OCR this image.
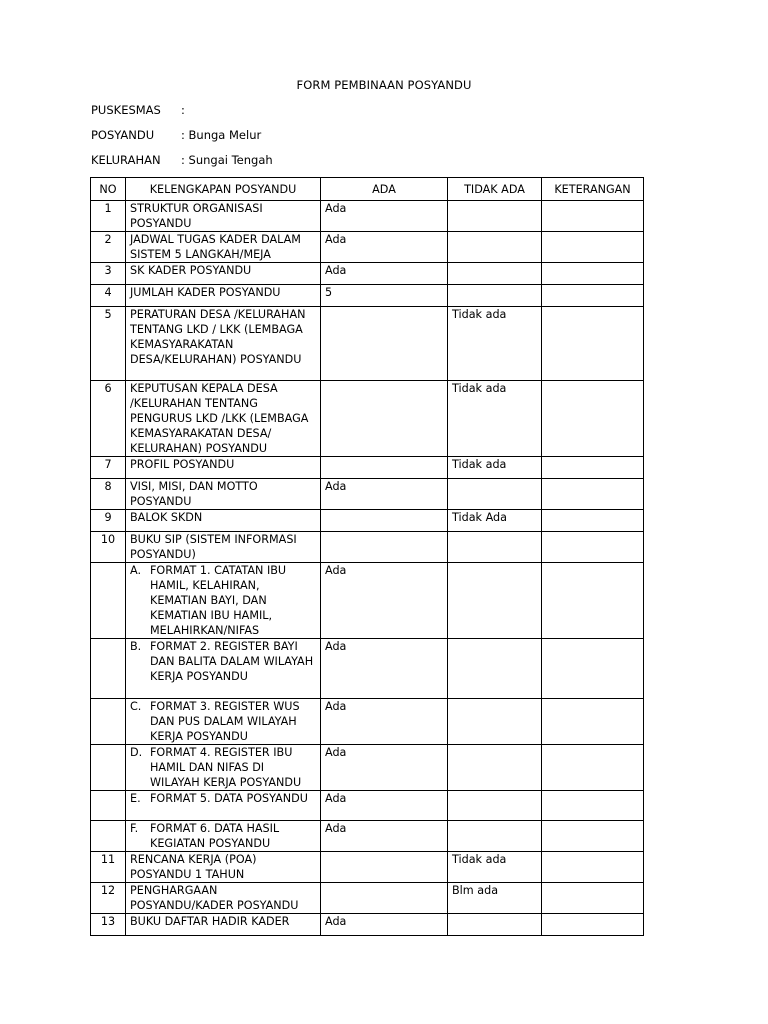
FORM PEMBINAAN POSYANDU
PUSKESMAS :
POSYANDU : Bunga Melur
KELURAHAN : Sungai Tengah
NO	KELENGKAPAN POSYANDU	ADA	TIDAK ADA	KETERANGAN
1	STRUKTUR ORGANISASI POSYANDU	Ada		
2	JADWAL TUGAS KADER DALAM SISTEM 5 LANGKAH/MEJA	Ada		
3	SK KADER POSYANDU	Ada		
4	JUMLAH KADER POSYANDU	5		
5	PERATURAN DESA /KELURAHAN TENTANG LKD / LKK (LEMBAGA KEMASYARAKATAN DESA/KELURAHAN) POSYANDU		Tidak ada	
6	KEPUTUSAN KEPALA DESA /KELURAHAN TENTANG PENGURUS LKD /LKK (LEMBAGA KEMASYARAKATAN DESA/ KELURAHAN) POSYANDU		Tidak ada	
7	PROFIL POSYANDU		Tidak ada	
8	VISI, MISI, DAN MOTTO POSYANDU	Ada		
9	BALOK SKDN		Tidak Ada	
10	BUKU SIP (SISTEM INFORMASI POSYANDU)			

	A. FORMAT 1. CATATAN IBU HAMIL, KELAHIRAN, KEMATIAN BAYI, DAN KEMATIAN IBU HAMIL, MELAHIRKAN/NIFAS	Ada		

	B. FORMAT 2. REGISTER BAYI DAN BALITA DALAM WILAYAH KERJA POSYANDU	Ada		

	C. FORMAT 3. REGISTER WUS DAN PUS DALAM WILAYAH KERJA POSYANDU	Ada		

	D. FORMAT 4. REGISTER IBU HAMIL DAN NIFAS DI WILAYAH KERJA POSYANDU	Ada		

	E. FORMAT 5. DATA POSYANDU	Ada		

	F. FORMAT 6. DATA HASIL KEGIATAN POSYANDU	Ada		
11	RENCANA KERJA (POA) POSYANDU 1 TAHUN		Tidak ada	
12	PENGHARGAAN POSYANDU/KADER POSYANDU		Blm ada	
13	BUKU DAFTAR HADIR KADER	Ada		
